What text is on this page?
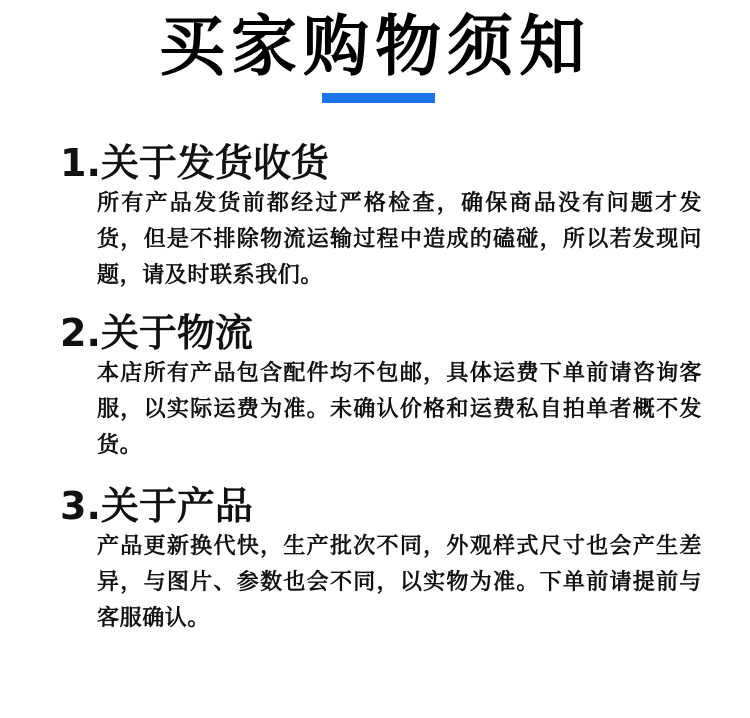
买家购物须知
1.关于发货收货
所有产品发货前都经过严格检查，确保商品没有问题才发货，但是不排除物流运输过程中造成的磕碰，所以若发现问题，请及时联系我们。
2.关于物流
本店所有产品包含配件均不包邮，具体运费下单前请咨询客服，以实际运费为准。未确认价格和运费私自拍单者概不发货。
3.关于产品
产品更新换代快，生产批次不同，外观样式尺寸也会产生差异，与图片、参数也会不同，以实物为准。下单前请提前与客服确认。
